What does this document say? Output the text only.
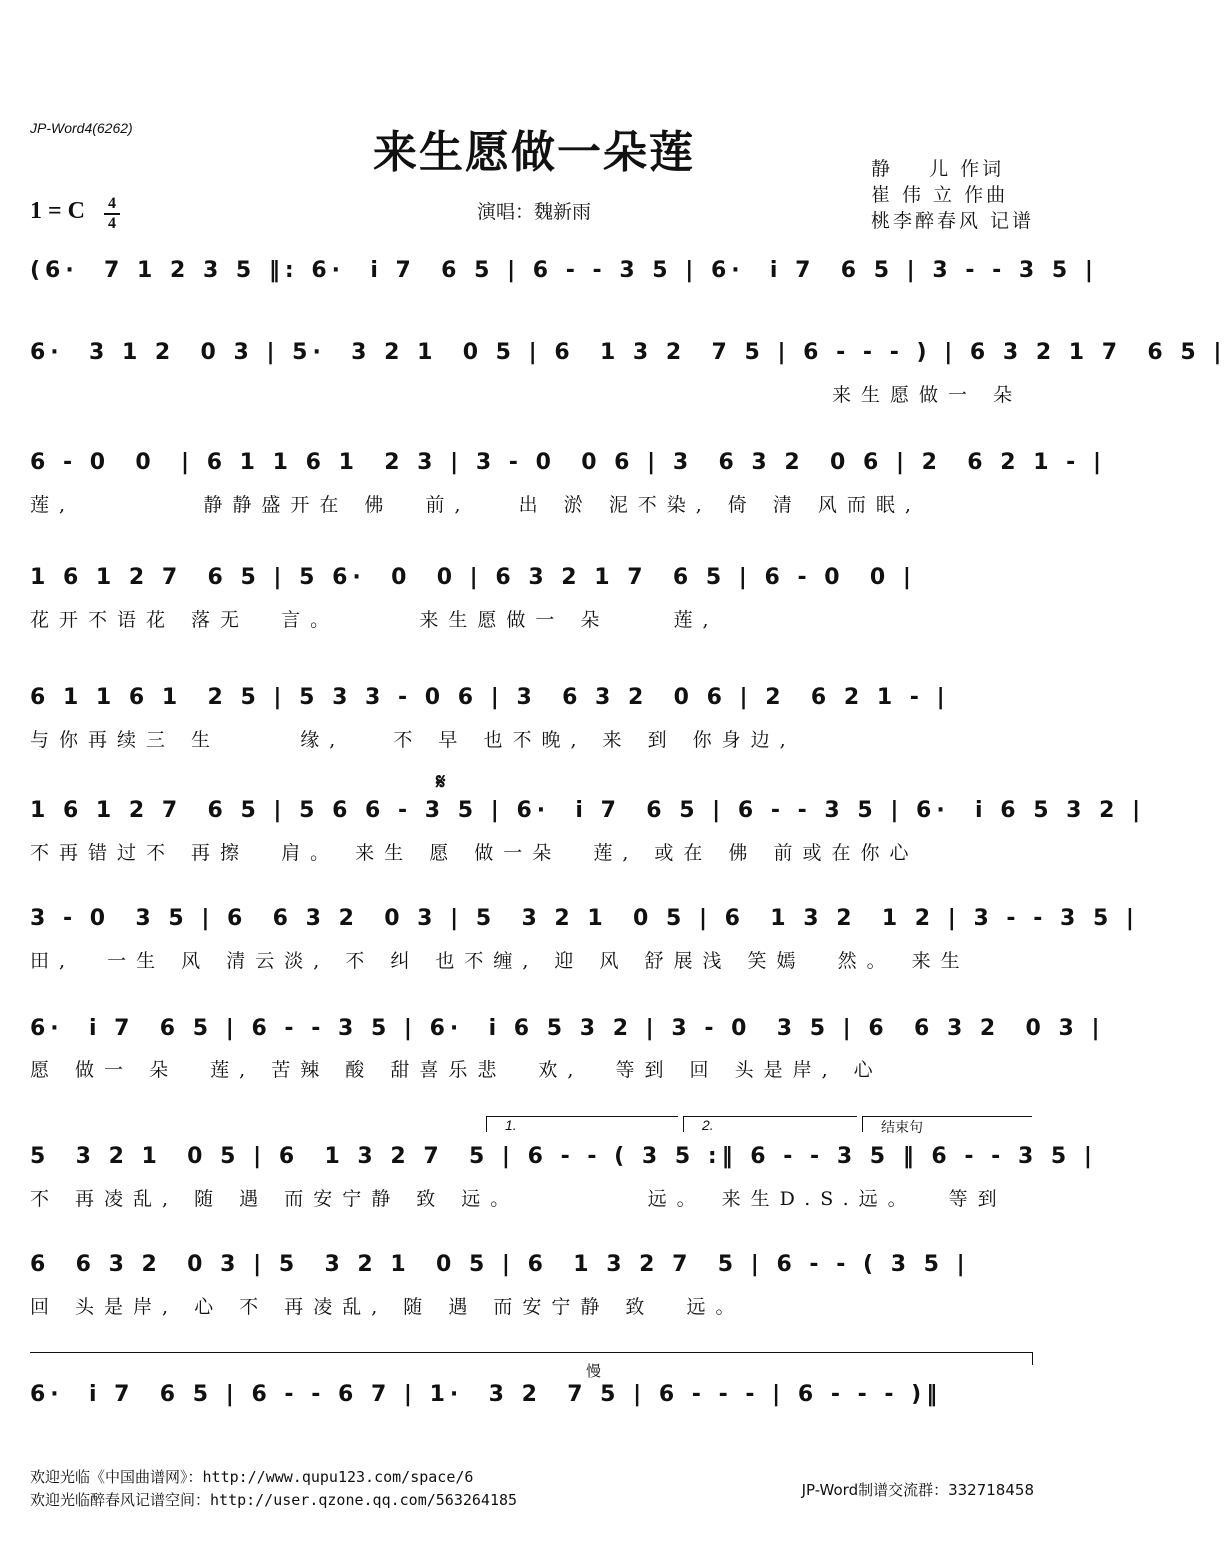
JP-Word4(6262)	来生愿做一朵莲	静    儿 作词
崔 伟 立 作曲
桃李醉春风 记谱
1 = C 4
4
演唱：魏新雨
(6·  7 1 2 3 5 ‖: 6·  i 7  6 5 | 6 - - 3 5 | 6·  i 7  6 5 | 3 - - 3 5 |
6·  3 1 2  0 3 | 5·  3 2 1  0 5 | 6  1 3 2  7 5 | 6 - - - ) | 6 3 2 1 7  6 5 |
来生愿做一 朵
6 - 0  0  | 6 1 1 6 1  2 3 | 3 - 0  0 6 | 3  6 3 2  0 6 | 2  6 2 1 - |
莲,        静静盛开在 佛  前,   出 淤 泥不染, 倚 清 风而眠,
1 6 1 2 7  6 5 | 5 6·  0  0 | 6 3 2 1 7  6 5 | 6 - 0  0 |
花开不语花 落无  言。     来生愿做一 朵    莲,
6 1 1 6 1  2 5 | 5 3 3 - 0 6 | 3  6 3 2  0 6 | 2  6 2 1 - |
与你再续三 生     缘,   不 早 也不晚, 来 到 你身边,
𝄋
1 6 1 2 7  6 5 | 5 6 6 - 3 5 | 6·  i 7  6 5 | 6 - - 3 5 | 6·  i 6 5 3 2 |
不再错过不 再擦  肩。 来生 愿 做一朵  莲, 或在 佛 前或在你心
3 - 0  3 5 | 6  6 3 2  0 3 | 5  3 2 1  0 5 | 6  1 3 2  1 2 | 3 - - 3 5 |
田,  一生 风 清云淡, 不 纠 也不缠, 迎 风 舒展浅 笑嫣  然。 来生
6·  i 7  6 5 | 6 - - 3 5 | 6·  i 6 5 3 2 | 3 - 0  3 5 | 6  6 3 2  0 3 |
愿 做一 朵  莲, 苦辣 酸 甜喜乐悲  欢,  等到 回 头是岸, 心
1.	2.	结束句
5  3 2 1  0 5 | 6  1 3 2 7  5 | 6 - - ( 3 5 :‖ 6 - - 3 5 ‖ 6 - - 3 5 |
不 再凌乱, 随 遇 而安宁静 致 远。        远。 来生D.S.远。  等到
6  6 3 2  0 3 | 5  3 2 1  0 5 | 6  1 3 2 7  5 | 6 - - ( 3 5 |
回 头是岸, 心 不 再凌乱, 随 遇 而安宁静 致  远。
慢
6·  i 7  6 5 | 6 - - 6 7 | 1·  3 2  7 5 | 6 - - - | 6 - - - )‖
欢迎光临《中国曲谱网》：http://www.qupu123.com/space/6
欢迎光临醉春风记谱空间：http://user.qzone.qq.com/563264185
JP-Word制谱交流群：332718458
